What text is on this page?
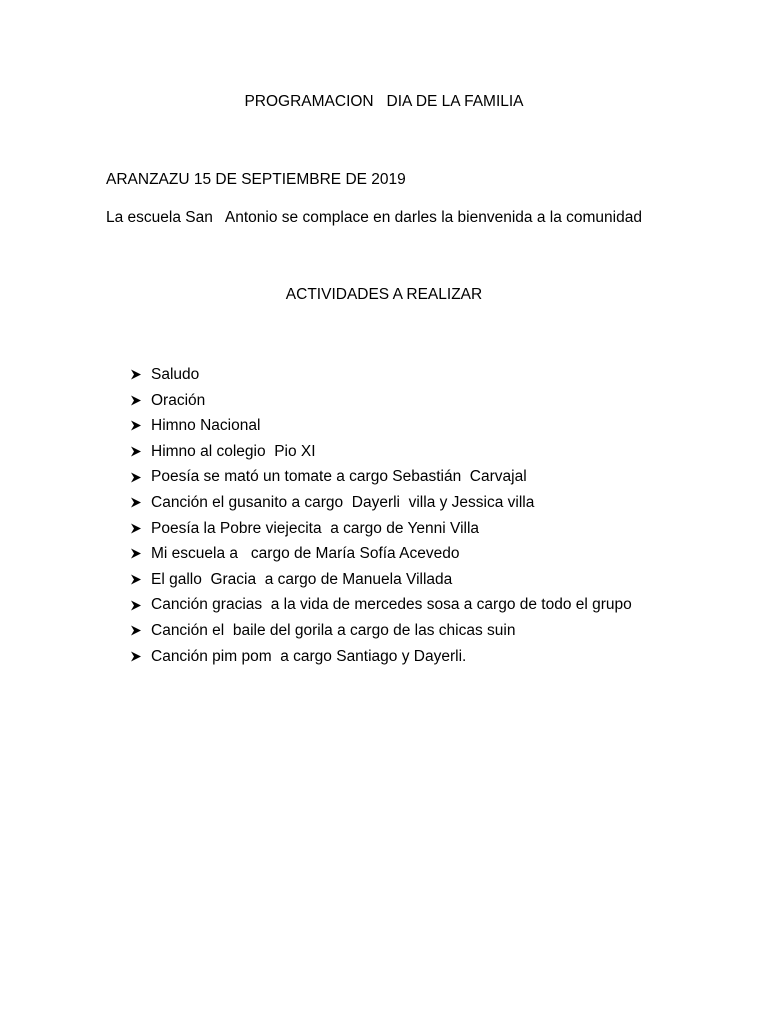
PROGRAMACION   DIA DE LA FAMILIA
ARANZAZU 15 DE SEPTIEMBRE DE 2019
La escuela San   Antonio se complace en darles la bienvenida a la comunidad
ACTIVIDADES A REALIZAR
Saludo
Oración
Himno Nacional
Himno al colegio  Pio XI
Poesía se mató un tomate a cargo Sebastián  Carvajal
Canción el gusanito a cargo  Dayerli  villa y Jessica villa
Poesía la Pobre viejecita  a cargo de Yenni Villa
Mi escuela a   cargo de María Sofía Acevedo
El gallo  Gracia  a cargo de Manuela Villada
Canción gracias  a la vida de mercedes sosa a cargo de todo el grupo
Canción el  baile del gorila a cargo de las chicas suin
Canción pim pom  a cargo Santiago y Dayerli.
